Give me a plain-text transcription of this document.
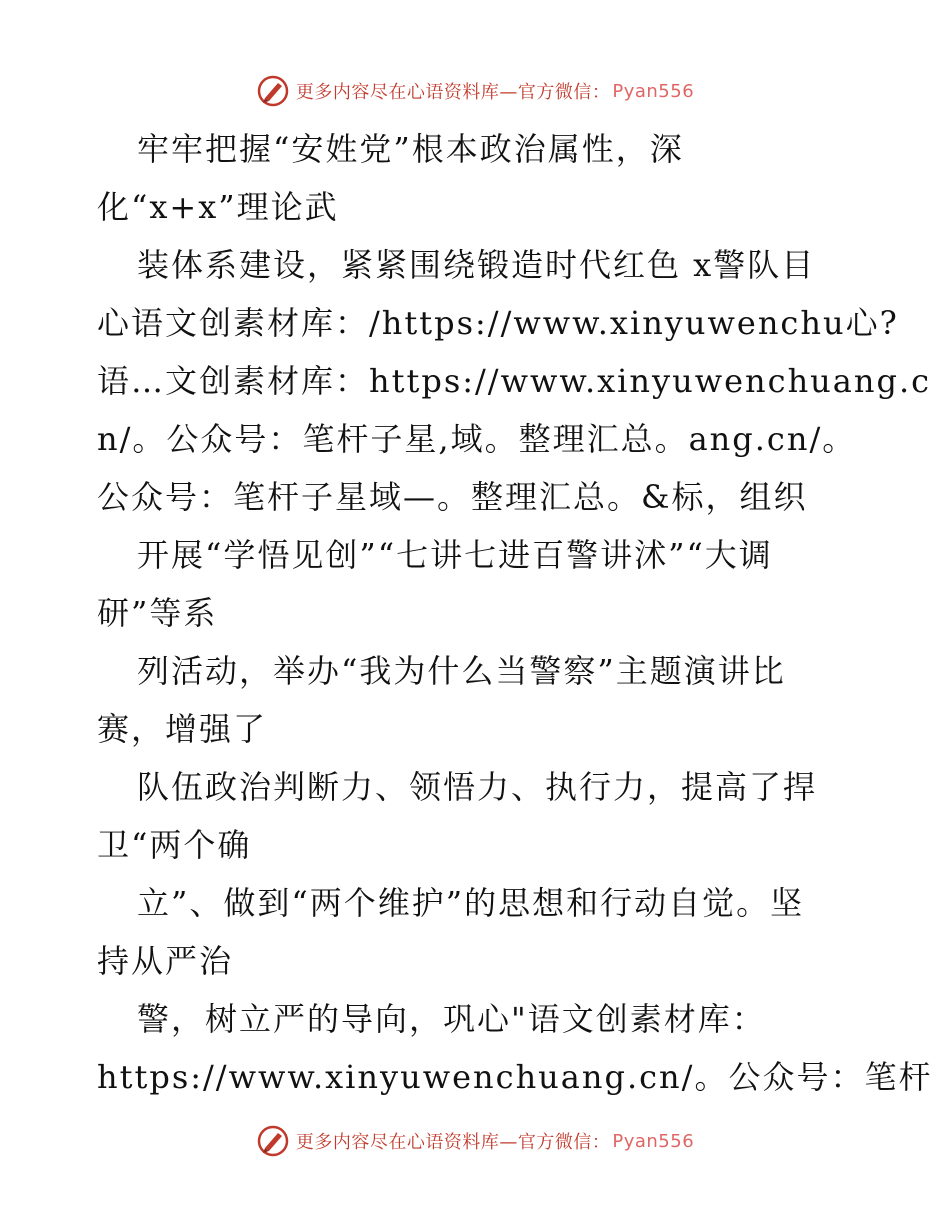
更多内容尽在心语资料库—官方微信： Pyan556

牢牢把握“安姓党”根本政治属性，深
化“x+x”理论武
装体系建设，紧紧围绕锻造时代红色 x警队目
心语文创素材库：/https://www.xinyuwenchu心?
语…文创素材库：https://www.xinyuwenchuang.c
n/。公众号：笔杆子星,域。整理汇总。ang.cn/。
公众号：笔杆子星域—。整理汇总。&标，组织
开展“学悟见创”“七讲七进百警讲沭”“大调
研”等系
列活动，举办“我为什么当警察”主题演讲比
赛，增强了
队伍政治判断力、领悟力、执行力，提高了捍
卫“两个确
立”、做到“两个维护”的思想和行动自觉。坚
持从严治
警，树立严的导向，巩心"语文创素材库：
https://www.xinyuwenchuang.cn/。公众号：笔杆

更多内容尽在心语资料库—官方微信： Pyan556
